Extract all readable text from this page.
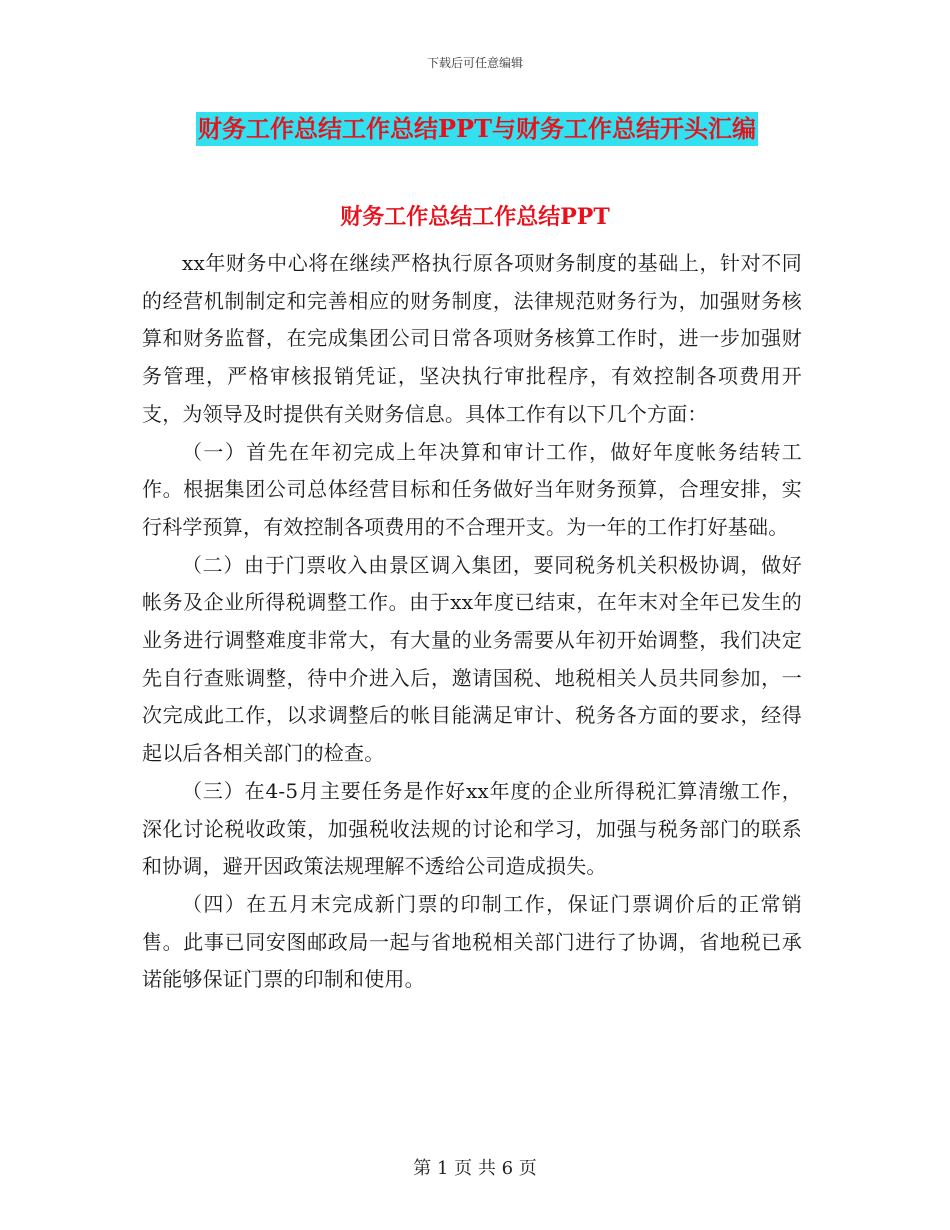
下载后可任意编辑
财务工作总结工作总结PPT与财务工作总结开头汇编
财务工作总结工作总结PPT

xx年财务中心将在继续严格执行原各项财务制度的基础上，针对不同的经营机制制定和完善相应的财务制度，法律规范财务行为，加强财务核算和财务监督，在完成集团公司日常各项财务核算工作时，进一步加强财务管理，严格审核报销凭证，坚决执行审批程序，有效控制各项费用开支，为领导及时提供有关财务信息。具体工作有以下几个方面：

（一）首先在年初完成上年决算和审计工作，做好年度帐务结转工作。根据集团公司总体经营目标和任务做好当年财务预算，合理安排，实行科学预算，有效控制各项费用的不合理开支。为一年的工作打好基础。

（二）由于门票收入由景区调入集团，要同税务机关积极协调，做好帐务及企业所得税调整工作。由于xx年度已结束，在年末对全年已发生的业务进行调整难度非常大，有大量的业务需要从年初开始调整，我们决定先自行查账调整，待中介进入后，邀请国税、地税相关人员共同参加，一次完成此工作，以求调整后的帐目能满足审计、税务各方面的要求，经得起以后各相关部门的检查。

（三）在4-5月主要任务是作好xx年度的企业所得税汇算清缴工作，深化讨论税收政策，加强税收法规的讨论和学习，加强与税务部门的联系和协调，避开因政策法规理解不透给公司造成损失。

（四）在五月末完成新门票的印制工作，保证门票调价后的正常销售。此事已同安图邮政局一起与省地税相关部门进行了协调，省地税已承诺能够保证门票的印制和使用。

第 1 页 共 6 页
